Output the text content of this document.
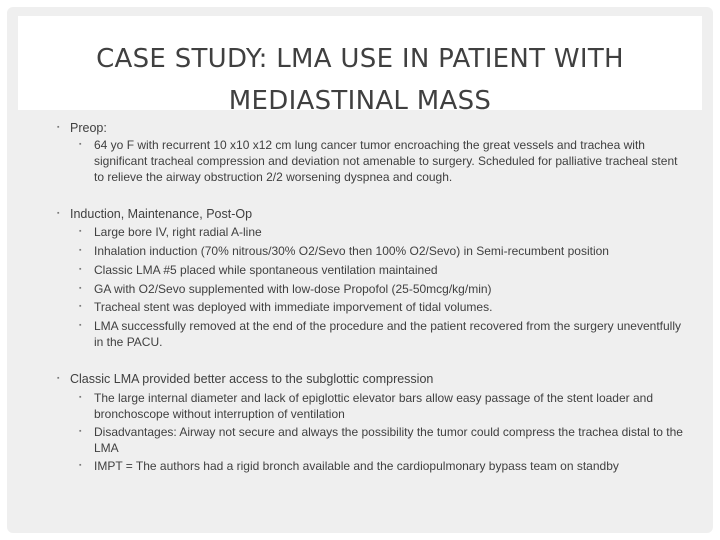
CASE STUDY: LMA USE IN PATIENT WITH
MEDIASTINAL MASS
▪ Preop:

▪ 64 yo F with recurrent 10 x10 x12 cm lung cancer tumor encroaching the great vessels and trachea with significant tracheal compression and deviation not amenable to surgery. Scheduled for palliative tracheal stent to relieve the airway obstruction 2/2 worsening dyspnea and cough.

▪ Induction, Maintenance, Post-Op

▪ Large bore IV, right radial A-line

▪ Inhalation induction (70% nitrous/30% O2/Sevo then 100% O2/Sevo) in Semi-recumbent position

▪ Classic LMA #5 placed while spontaneous ventilation maintained

▪ GA with O2/Sevo supplemented with low-dose Propofol (25-50mcg/kg/min)

▪ Tracheal stent was deployed with immediate imporvement of tidal volumes.

▪ LMA successfully removed at the end of the procedure and the patient recovered from the surgery uneventfully in the PACU.

▪ Classic LMA provided better access to the subglottic compression

▪ The large internal diameter and lack of epiglottic elevator bars allow easy passage of the stent loader and bronchoscope without interruption of ventilation

▪ Disadvantages: Airway not secure and always the possibility the tumor could compress the trachea distal to the LMA

▪ IMPT = The authors had a rigid bronch available and the cardiopulmonary bypass team on standby
